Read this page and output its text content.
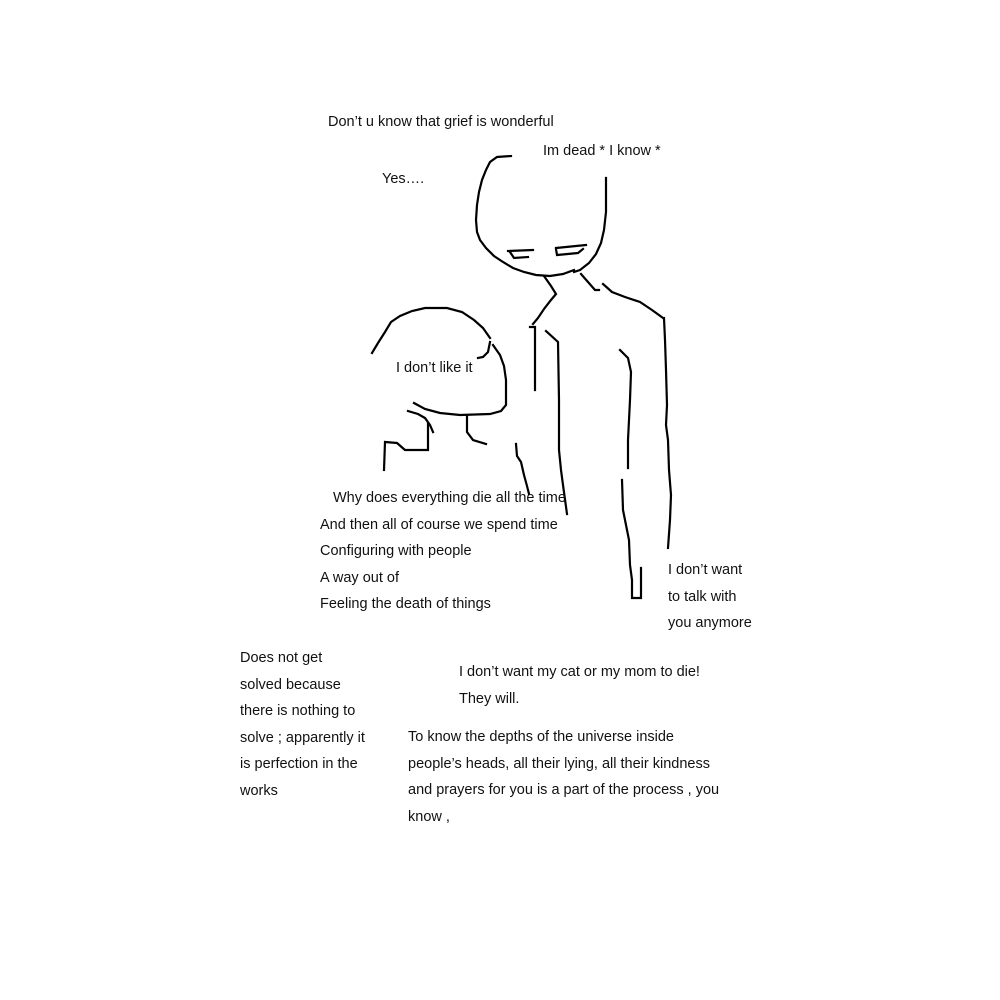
Don’t u know that grief is wonderful
Im dead * I know *
Yes….
I don’t like it
Why does everything die all the time
And then all of course we spend time
Configuring with people
A way out of
Feeling the death of things
I don’t want
to talk with
you anymore
Does not get
solved because
there is nothing to
solve ; apparently it
is perfection in the
works
I don’t want my cat or my mom to die!
They will.
To know the depths of the universe inside
people’s heads, all their lying, all their kindness
and prayers for you is a part of the process , you
know ,
